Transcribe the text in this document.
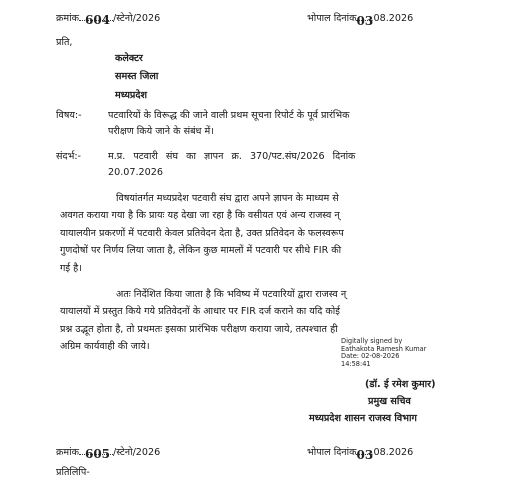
क्रमांक 604 /स्टेनो/2026	भोपाल दिनांक 03
.08.2026
प्रति,
कलेक्टर
समस्त जिला
मध्यप्रदेश
विषय:-	पटवारियों के विरूद्ध की जाने वाली प्रथम सूचना रिपोर्ट के पूर्व प्रारंभिक
परीक्षण किये जाने के संबंध में।
संदर्भ:-	म.प्र. पटवारी संघ का ज्ञापन क्र. 370/पट.संघ/2026 दिनांक
20.07.2026
विषयांतर्गत मध्यप्रदेश पटवारी संघ द्वारा अपने ज्ञापन के माध्यम से
अवगत कराया गया है कि प्रायः यह देखा जा रहा है कि वसीयत एवं अन्य राजस्व न्
यायालयीन प्रकरणों में पटवारी केवल प्रतिवेदन देता है, उक्त प्रतिवेदन के फलस्वरूप
गुणदोषों पर निर्णय लिया जाता है, लेकिन कुछ मामलों में पटवारी पर सीधे FIR की
गई है।
अतः निर्देशित किया जाता है कि भविष्य में पटवारियों द्वारा राजस्व न्
यायालयों में प्रस्तुत किये गये प्रतिवेदनों के आधार पर FIR दर्ज कराने का यदि कोई
प्रश्न उद्भूत होता है, तो प्रथमतः इसका प्रारंभिक परीक्षण कराया जाये, तत्पश्चात ही
अग्रिम कार्यवाही की जाये।
Digitally signed by
Eathakota Ramesh Kumar
Date: 02-08-2026
14:58:41
(डॉ. ई रमेश कुमार)
प्रमुख सचिव
मध्यप्रदेश शासन राजस्व विभाग
क्रमांक 605 /स्टेनो/2026	भोपाल दिनांक 03
.08.2026
प्रतिलिपि-
